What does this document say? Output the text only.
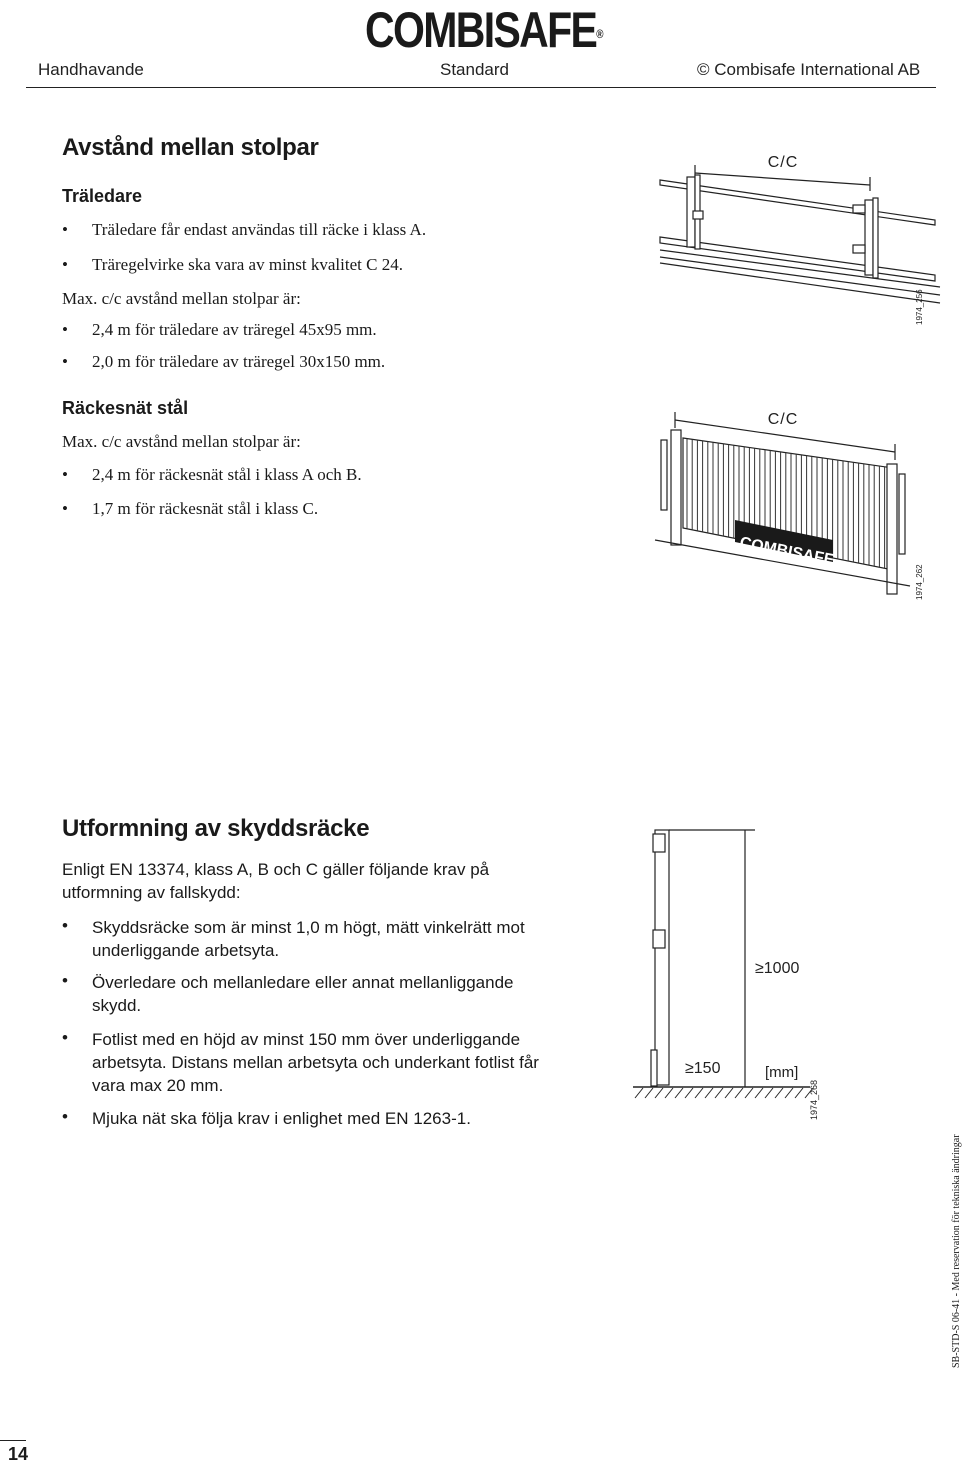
COMBISAFE®
Handhavande	Standard	© Combisafe International AB
Avstånd mellan stolpar
Träledare
• Träledare får endast användas till räcke i klass A.
• Träregelvirke ska vara av minst kvalitet C 24.
Max. c/c avstånd mellan stolpar är:
• 2,4 m för träledare av träregel 45x95 mm.
• 2,0 m för träledare av träregel 30x150 mm.
Räckesnät stål
Max. c/c avstånd mellan stolpar är:
• 2,4 m för räckesnät stål i klass A och B.
• 1,7 m för räckesnät stål i klass C.
C/C
1974_256
COMBISAFE
C/C
1974_262
Utformning av skyddsräcke
Enligt EN 13374, klass A, B och C gäller följande krav på
utformning av fallskydd:
• Skyddsräcke som är minst 1,0 m högt, mätt vinkelrätt mot
underliggande arbetsyta.
• Överledare och mellanledare eller annat mellanliggande
skydd.
• Fotlist med en höjd av minst 150 mm över underliggande
arbetsyta. Distans mellan arbetsyta och underkant fotlist får
vara max 20 mm.
• Mjuka nät ska följa krav i enlighet med EN 1263-1.
≥1000
≥150	[mm]
1974_268
14
SB-STD-S 06-41 - Med reservation för tekniska ändringar
